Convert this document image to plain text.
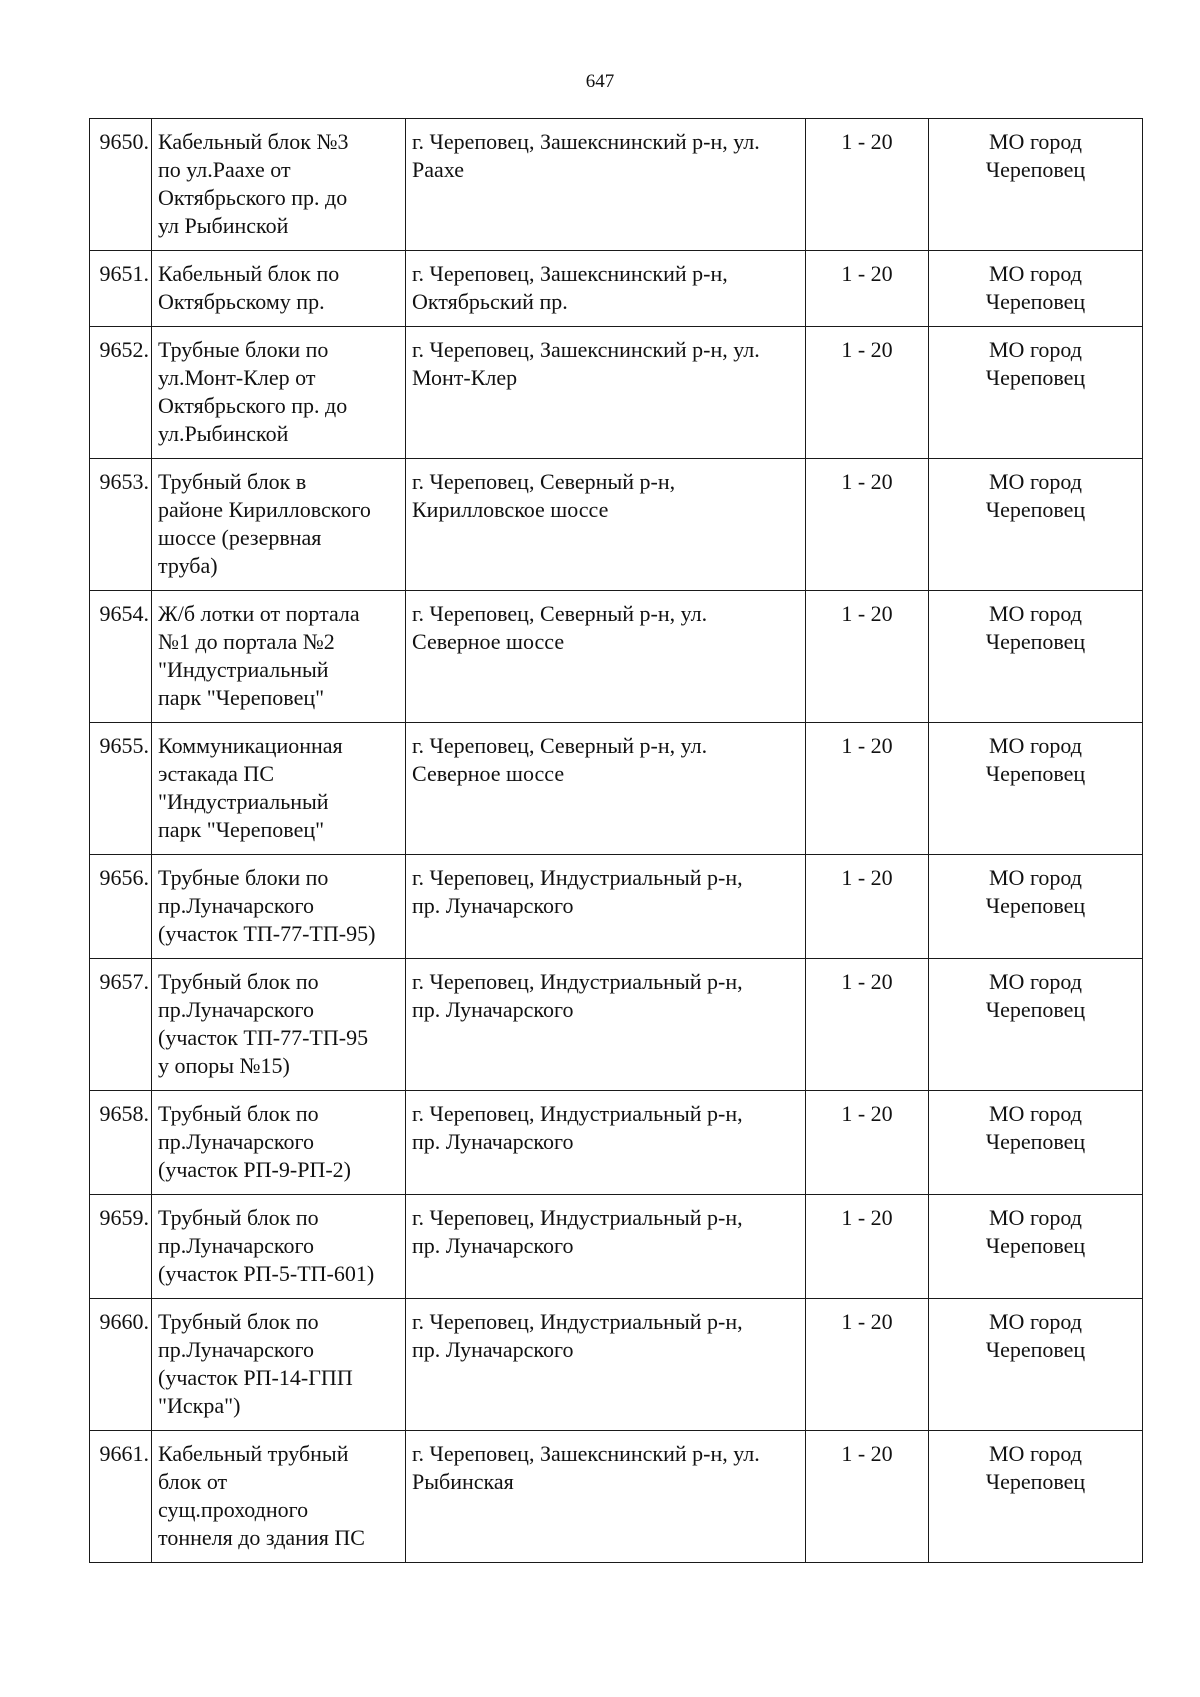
647
9650.	Кабельный блок №3
по ул.Раахе от
Октябрьского пр. до
ул Рыбинской	г. Череповец, Зашекснинский р-н, ул.
Раахе	1 - 20	МО город
Череповец
9651.	Кабельный блок по
Октябрьскому пр.	г. Череповец, Зашекснинский р-н,
Октябрьский пр.	1 - 20	МО город
Череповец
9652.	Трубные блоки по
ул.Монт-Клер от
Октябрьского пр. до
ул.Рыбинской	г. Череповец, Зашекснинский р-н, ул.
Монт-Клер	1 - 20	МО город
Череповец
9653.	Трубный блок в
районе Кирилловского
шоссе (резервная
труба)	г. Череповец, Северный р-н,
Кирилловское шоссе	1 - 20	МО город
Череповец
9654.	Ж/б лотки от портала
№1 до портала №2
"Индустриальный
парк "Череповец"	г. Череповец, Северный р-н, ул.
Северное шоссе	1 - 20	МО город
Череповец
9655.	Коммуникационная
эстакада ПС
"Индустриальный
парк "Череповец"	г. Череповец, Северный р-н, ул.
Северное шоссе	1 - 20	МО город
Череповец
9656.	Трубные блоки по
пр.Луначарского
(участок ТП-77-ТП-95)	г. Череповец, Индустриальный р-н,
пр. Луначарского	1 - 20	МО город
Череповец
9657.	Трубный блок по
пр.Луначарского
(участок ТП-77-ТП-95
у опоры №15)	г. Череповец, Индустриальный р-н,
пр. Луначарского	1 - 20	МО город
Череповец
9658.	Трубный блок по
пр.Луначарского
(участок РП-9-РП-2)	г. Череповец, Индустриальный р-н,
пр. Луначарского	1 - 20	МО город
Череповец
9659.	Трубный блок по
пр.Луначарского
(участок РП-5-ТП-601)	г. Череповец, Индустриальный р-н,
пр. Луначарского	1 - 20	МО город
Череповец
9660.	Трубный блок по
пр.Луначарского
(участок РП-14-ГПП
"Искра")	г. Череповец, Индустриальный р-н,
пр. Луначарского	1 - 20	МО город
Череповец
9661.	Кабельный трубный
блок от
сущ.проходного
тоннеля до здания ПС	г. Череповец, Зашекснинский р-н, ул.
Рыбинская	1 - 20	МО город
Череповец
